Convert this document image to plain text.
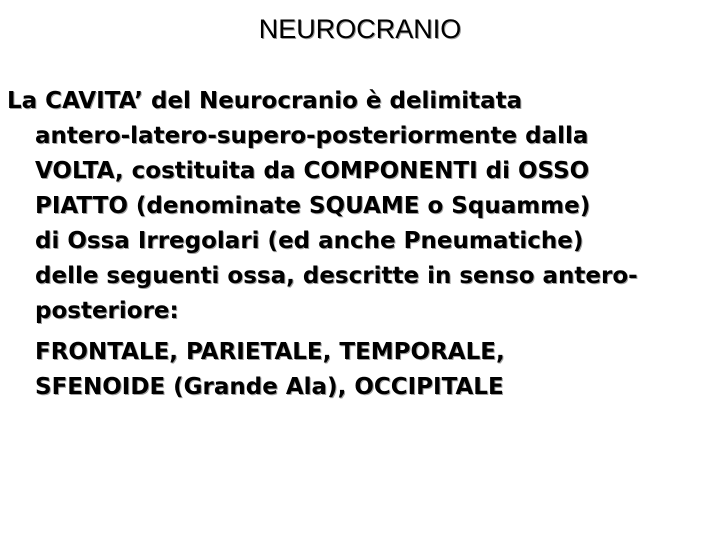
NEUROCRANIO
La CAVITA’ del Neurocranio è delimitata
antero-latero-supero-posteriormente dalla
VOLTA, costituita da COMPONENTI di OSSO
PIATTO (denominate SQUAME o Squamme)
di Ossa Irregolari (ed anche Pneumatiche)
delle seguenti ossa, descritte in senso antero-
posteriore:
FRONTALE, PARIETALE, TEMPORALE,
SFENOIDE (Grande Ala), OCCIPITALE
